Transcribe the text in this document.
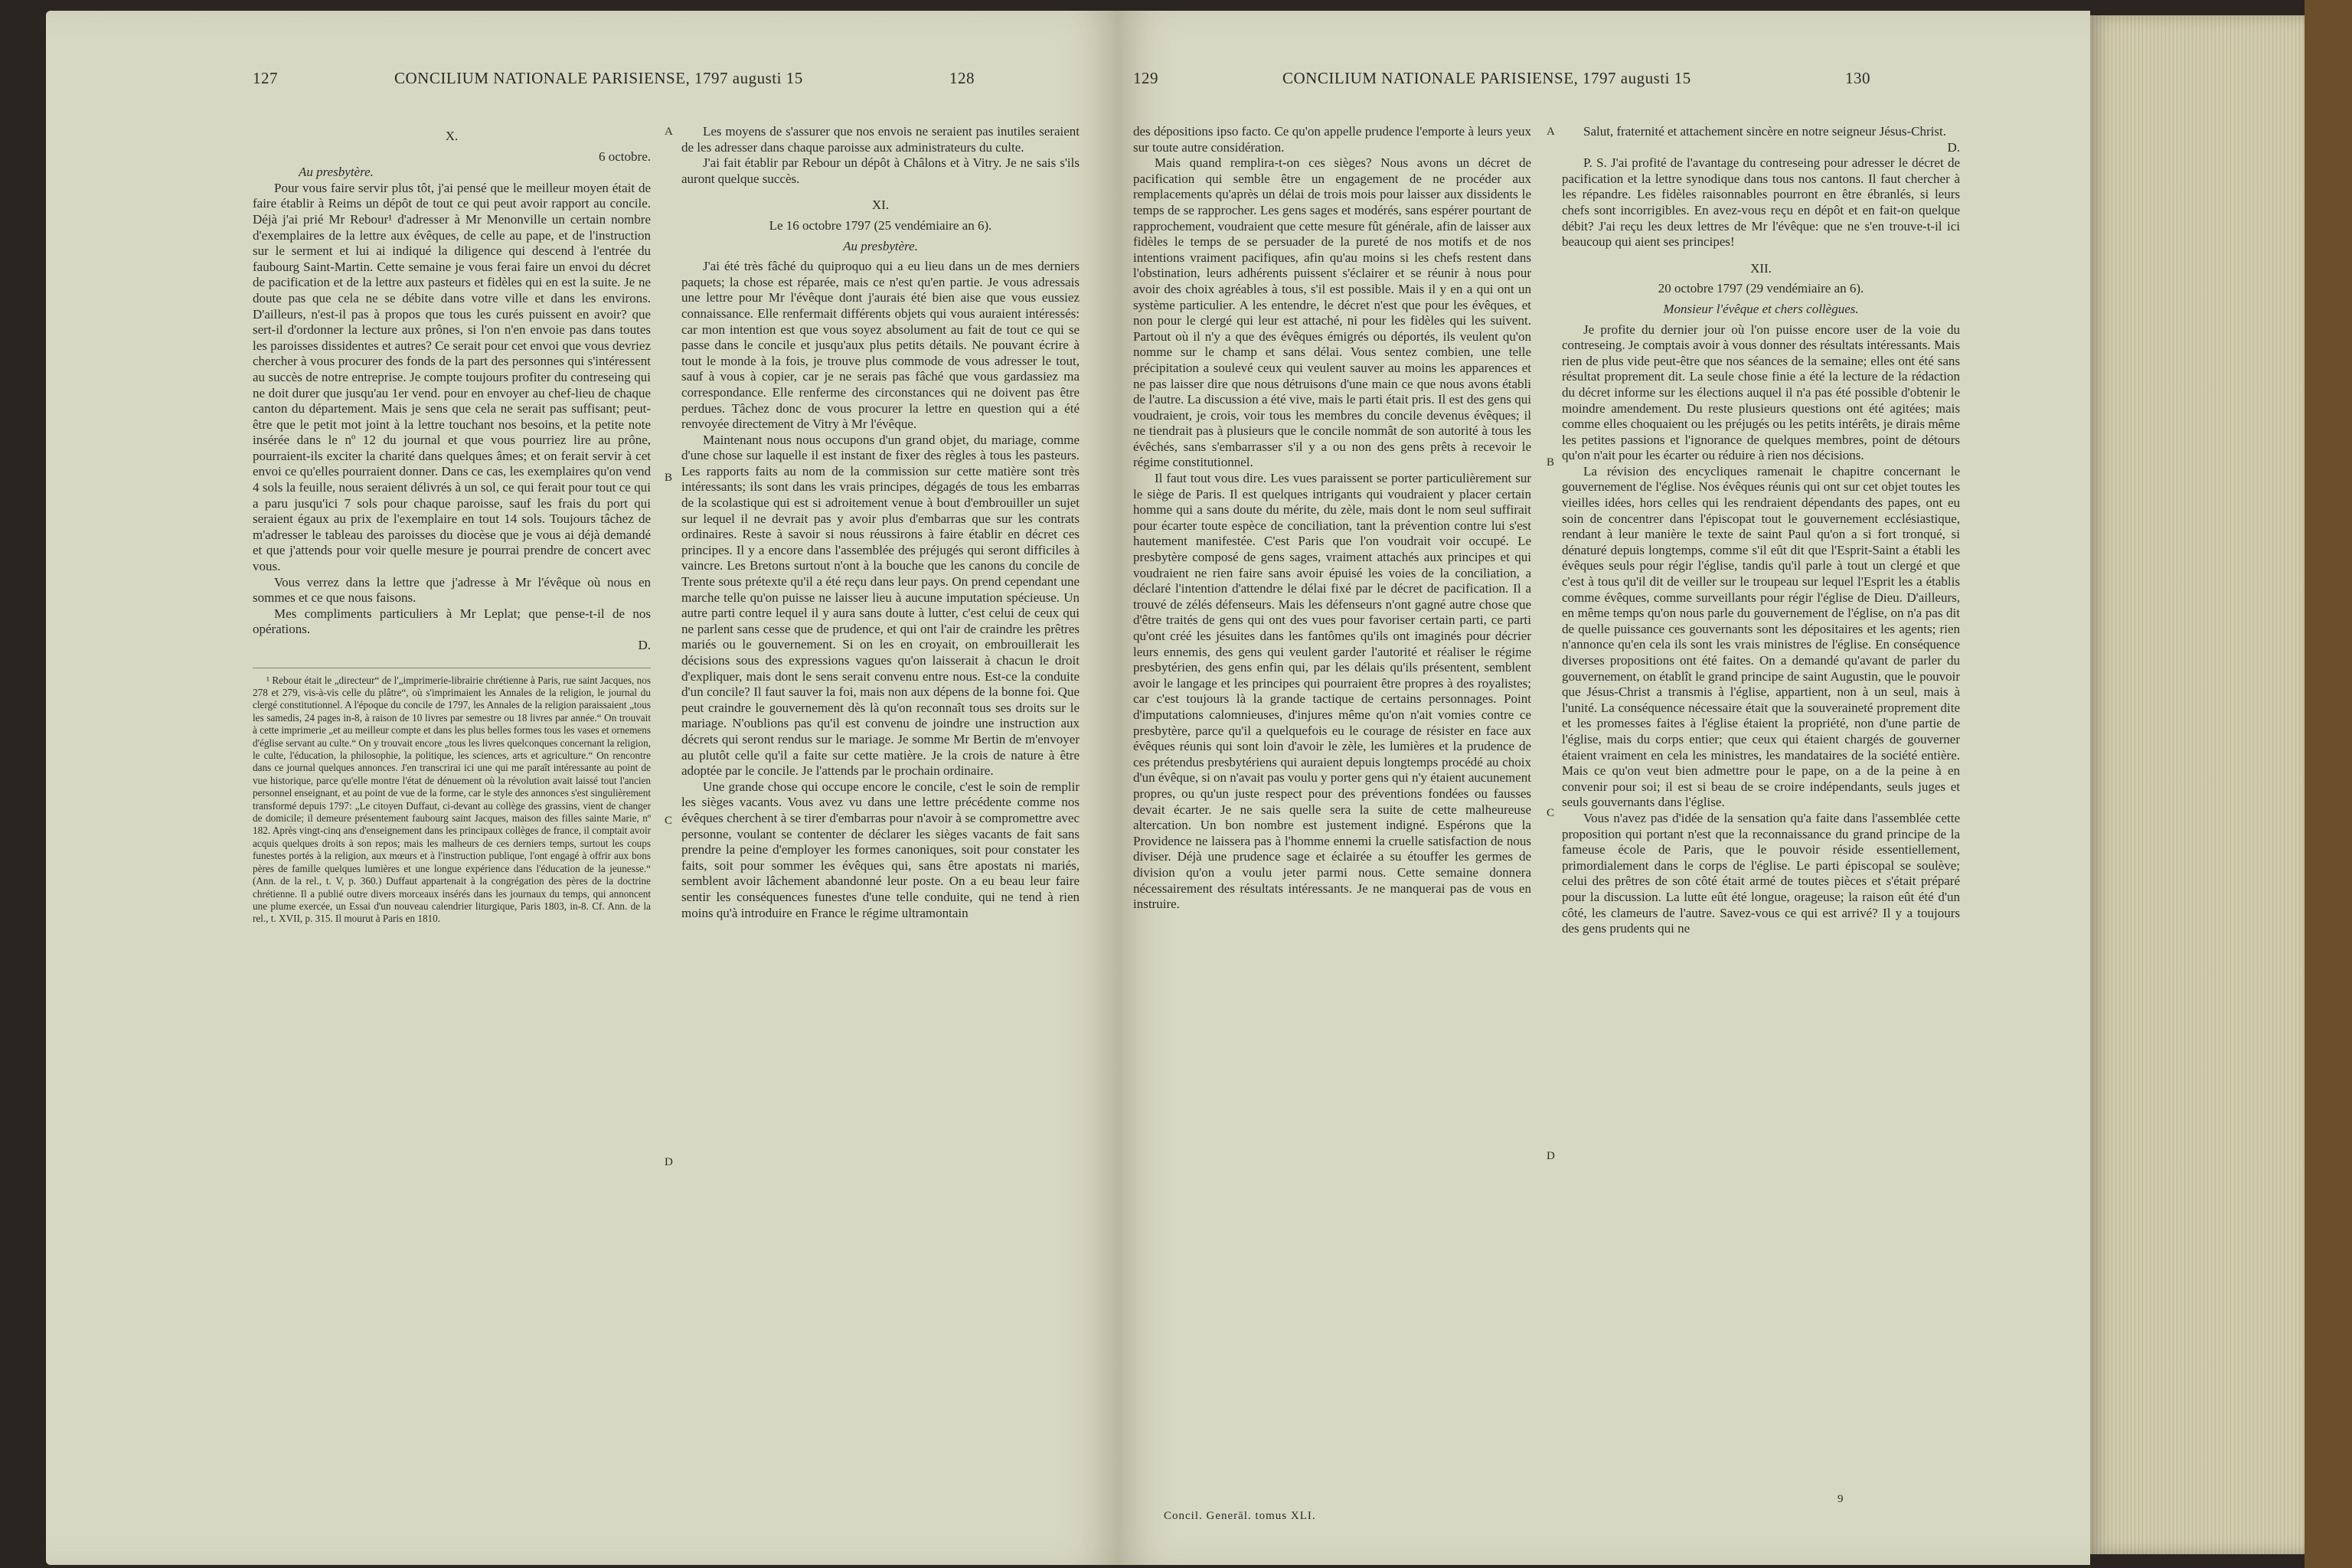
127	CONCILIUM NATIONALE PARISIENSE, 1797 augusti 15	128

X.

6 octobre.

Au presbytère.

Pour vous faire servir plus tôt, j'ai pensé que le meilleur moyen était de faire établir à Reims un dépôt de tout ce qui peut avoir rapport au concile. Déjà j'ai prié Mr Rebour¹ d'adresser à Mr Menonville un certain nombre d'exemplaires de la lettre aux évêques, de celle au pape, et de l'instruction sur le serment et lui ai indiqué la diligence qui descend à l'entrée du faubourg Saint-Martin. Cette semaine je vous ferai faire un envoi du décret de pacification et de la lettre aux pasteurs et fidèles qui en est la suite. Je ne doute pas que cela ne se débite dans votre ville et dans les environs. D'ailleurs, n'est-il pas à propos que tous les curés puissent en avoir? que sert-il d'ordonner la lecture aux prônes, si l'on n'en envoie pas dans toutes les paroisses dissidentes et autres? Ce serait pour cet envoi que vous devriez chercher à vous procurer des fonds de la part des personnes qui s'intéressent au succès de notre entreprise. Je compte toujours profiter du contreseing qui ne doit durer que jusqu'au 1er vend. pour en envoyer au chef-lieu de chaque canton du département. Mais je sens que cela ne serait pas suffisant; peut-être que le petit mot joint à la lettre touchant nos besoins, et la petite note insérée dans le nº 12 du journal et que vous pourriez lire au prône, pourraient-ils exciter la charité dans quelques âmes; et on ferait servir à cet envoi ce qu'elles pourraient donner. Dans ce cas, les exemplaires qu'on vend 4 sols la feuille, nous seraient délivrés à un sol, ce qui ferait pour tout ce qui a paru jusqu'ici 7 sols pour chaque paroisse, sauf les frais du port qui seraient égaux au prix de l'exemplaire en tout 14 sols. Toujours tâchez de m'adresser le tableau des paroisses du diocèse que je vous ai déjà demandé et que j'attends pour voir quelle mesure je pourrai prendre de concert avec vous.

Vous verrez dans la lettre que j'adresse à Mr l'évêque où nous en sommes et ce que nous faisons.

Mes compliments particuliers à Mr Leplat; que pense-t-il de nos opérations.

D.

¹ Rebour était le „directeur“ de l'„imprimerie-librairie chrétienne à Paris, rue saint Jacques, nos 278 et 279, vis-à-vis celle du plâtre“, où s'imprimaient les Annales de la religion, le journal du clergé constitutionnel. A l'époque du concile de 1797, les Annales de la religion paraissaient „tous les samedis, 24 pages in-8, à raison de 10 livres par semestre ou 18 livres par année.“ On trouvait à cette imprimerie „et au meilleur compte et dans les plus belles formes tous les vases et ornemens d'église servant au culte.“ On y trouvait encore „tous les livres quelconques concernant la religion, le culte, l'éducation, la philosophie, la politique, les sciences, arts et agriculture.“ On rencontre dans ce journal quelques annonces. J'en transcrirai ici une qui me paraît intéressante au point de vue historique, parce qu'elle montre l'état de dénuement où la révolution avait laissé tout l'ancien personnel enseignant, et au point de vue de la forme, car le style des annonces s'est singulièrement transformé depuis 1797: „Le citoyen Duffaut, ci-devant au collège des grassins, vient de changer de domicile; il demeure présentement faubourg saint Jacques, maison des filles sainte Marie, nº 182. Après vingt-cinq ans d'enseignement dans les principaux collèges de france, il comptait avoir acquis quelques droits à son repos; mais les malheurs de ces derniers temps, surtout les coups funestes portés à la religion, aux mœurs et à l'instruction publique, l'ont engagé à offrir aux bons pères de famille quelques lumières et une longue expérience dans l'éducation de la jeunesse.“ (Ann. de la rel., t. V, p. 360.) Duffaut appartenait à la congrégation des pères de la doctrine chrétienne. Il a publié outre divers morceaux insérés dans les journaux du temps, qui annoncent une plume exercée, un Essai d'un nouveau calendrier liturgique, Paris 1803, in-8. Cf. Ann. de la rel., t. XVII, p. 315. Il mourut à Paris en 1810.

Les moyens de s'assurer que nos envois ne seraient pas inutiles seraient de les adresser dans chaque paroisse aux administrateurs du culte.

J'ai fait établir par Rebour un dépôt à Châlons et à Vitry. Je ne sais s'ils auront quelque succès.

XI.

Le 16 octobre 1797 (25 vendémiaire an 6).

Au presbytère.

J'ai été très fâché du quiproquo qui a eu lieu dans un de mes derniers paquets; la chose est réparée, mais ce n'est qu'en partie. Je vous adressais une lettre pour Mr l'évêque dont j'aurais été bien aise que vous eussiez connaissance. Elle renfermait différents objets qui vous auraient intéressés: car mon intention est que vous soyez absolument au fait de tout ce qui se passe dans le concile et jusqu'aux plus petits détails. Ne pouvant écrire à tout le monde à la fois, je trouve plus commode de vous adresser le tout, sauf à vous à copier, car je ne serais pas fâché que vous gardassiez ma correspondance. Elle renferme des circonstances qui ne doivent pas être perdues. Tâchez donc de vous procurer la lettre en question qui a été renvoyée directement de Vitry à Mr l'évêque.

Maintenant nous nous occupons d'un grand objet, du mariage, comme d'une chose sur laquelle il est instant de fixer des règles à tous les pasteurs. Les rapports faits au nom de la commission sur cette matière sont très intéressants; ils sont dans les vrais principes, dégagés de tous les embarras de la scolastique qui est si adroitement venue à bout d'embrouiller un sujet sur lequel il ne devrait pas y avoir plus d'embarras que sur les contrats ordinaires. Reste à savoir si nous réussirons à faire établir en décret ces principes. Il y a encore dans l'assemblée des préjugés qui seront difficiles à vaincre. Les Bretons surtout n'ont à la bouche que les canons du concile de Trente sous prétexte qu'il a été reçu dans leur pays. On prend cependant une marche telle qu'on puisse ne laisser lieu à aucune imputation spécieuse. Un autre parti contre lequel il y aura sans doute à lutter, c'est celui de ceux qui ne parlent sans cesse que de prudence, et qui ont l'air de craindre les prêtres mariés ou le gouvernement. Si on les en croyait, on embrouillerait les décisions sous des expressions vagues qu'on laisserait à chacun le droit d'expliquer, mais dont le sens serait convenu entre nous. Est-ce la conduite d'un concile? Il faut sauver la foi, mais non aux dépens de la bonne foi. Que peut craindre le gouvernement dès là qu'on reconnaît tous ses droits sur le mariage. N'oublions pas qu'il est convenu de joindre une instruction aux décrets qui seront rendus sur le mariage. Je somme Mr Bertin de m'envoyer au plutôt celle qu'il a faite sur cette matière. Je la crois de nature à être adoptée par le concile. Je l'attends par le prochain ordinaire.

Une grande chose qui occupe encore le concile, c'est le soin de remplir les sièges vacants. Vous avez vu dans une lettre précédente comme nos évêques cherchent à se tirer d'embarras pour n'avoir à se compromettre avec personne, voulant se contenter de déclarer les sièges vacants de fait sans prendre la peine d'employer les formes canoniques, soit pour constater les faits, soit pour sommer les évêques qui, sans être apostats ni mariés, semblent avoir lâchement abandonné leur poste. On a eu beau leur faire sentir les conséquences funestes d'une telle conduite, qui ne tend à rien moins qu'à introduire en France le régime ultramontain

A
B
C
D
129	CONCILIUM NATIONALE PARISIENSE, 1797 augusti 15	130

des dépositions ipso facto. Ce qu'on appelle prudence l'emporte à leurs yeux sur toute autre considération.

Mais quand remplira-t-on ces sièges? Nous avons un décret de pacification qui semble être un engagement de ne procéder aux remplacements qu'après un délai de trois mois pour laisser aux dissidents le temps de se rapprocher. Les gens sages et modérés, sans espérer pourtant de rapprochement, voudraient que cette mesure fût générale, afin de laisser aux fidèles le temps de se persuader de la pureté de nos motifs et de nos intentions vraiment pacifiques, afin qu'au moins si les chefs restent dans l'obstination, leurs adhérents puissent s'éclairer et se réunir à nous pour avoir des choix agréables à tous, s'il est possible. Mais il y en a qui ont un système particulier. A les entendre, le décret n'est que pour les évêques, et non pour le clergé qui leur est attaché, ni pour les fidèles qui les suivent. Partout où il n'y a que des évêques émigrés ou déportés, ils veulent qu'on nomme sur le champ et sans délai. Vous sentez combien, une telle précipitation a soulevé ceux qui veulent sauver au moins les apparences et ne pas laisser dire que nous détruisons d'une main ce que nous avons établi de l'autre. La discussion a été vive, mais le parti était pris. Il est des gens qui voudraient, je crois, voir tous les membres du concile devenus évêques; il ne tiendrait pas à plusieurs que le concile nommât de son autorité à tous les évêchés, sans s'embarrasser s'il y a ou non des gens prêts à recevoir le régime constitutionnel.

Il faut tout vous dire. Les vues paraissent se porter particulièrement sur le siège de Paris. Il est quelques intrigants qui voudraient y placer certain homme qui a sans doute du mérite, du zèle, mais dont le nom seul suffirait pour écarter toute espèce de conciliation, tant la prévention contre lui s'est hautement manifestée. C'est Paris que l'on voudrait voir occupé. Le presbytère composé de gens sages, vraiment attachés aux principes et qui voudraient ne rien faire sans avoir épuisé les voies de la conciliation, a déclaré l'intention d'attendre le délai fixé par le décret de pacification. Il a trouvé de zélés défenseurs. Mais les défenseurs n'ont gagné autre chose que d'être traités de gens qui ont des vues pour favoriser certain parti, ce parti qu'ont créé les jésuites dans les fantômes qu'ils ont imaginés pour décrier leurs ennemis, des gens qui veulent garder l'autorité et réaliser le régime presbytérien, des gens enfin qui, par les délais qu'ils présentent, semblent avoir le langage et les principes qui pourraient être propres à des royalistes; car c'est toujours là la grande tactique de certains personnages. Point d'imputations calomnieuses, d'injures même qu'on n'ait vomies contre ce presbytère, parce qu'il a quelquefois eu le courage de résister en face aux évêques réunis qui sont loin d'avoir le zèle, les lumières et la prudence de ces prétendus presbytériens qui auraient depuis longtemps procédé au choix d'un évêque, si on n'avait pas voulu y porter gens qui n'y étaient aucunement propres, ou qu'un juste respect pour des préventions fondées ou fausses devait écarter. Je ne sais quelle sera la suite de cette malheureuse altercation. Un bon nombre est justement indigné. Espérons que la Providence ne laissera pas à l'homme ennemi la cruelle satisfaction de nous diviser. Déjà une prudence sage et éclairée a su étouffer les germes de division qu'on a voulu jeter parmi nous. Cette semaine donnera nécessairement des résultats intéressants. Je ne manquerai pas de vous en instruire.

Concil. Generāl. tomus XLI.

Salut, fraternité et attachement sincère en notre seigneur Jésus-Christ.

D.

P. S. J'ai profité de l'avantage du contreseing pour adresser le décret de pacification et la lettre synodique dans tous nos cantons. Il faut chercher à les répandre. Les fidèles raisonnables pourront en être ébranlés, si leurs chefs sont incorrigibles. En avez-vous reçu en dépôt et en fait-on quelque débit? J'ai reçu les deux lettres de Mr l'évêque: que ne s'en trouve-t-il ici beaucoup qui aient ses principes!

XII.

20 octobre 1797 (29 vendémiaire an 6).

Monsieur l'évêque et chers collègues.

Je profite du dernier jour où l'on puisse encore user de la voie du contreseing. Je comptais avoir à vous donner des résultats intéressants. Mais rien de plus vide peut-être que nos séances de la semaine; elles ont été sans résultat proprement dit. La seule chose finie a été la lecture de la rédaction du décret informe sur les élections auquel il n'a pas été possible d'obtenir le moindre amendement. Du reste plusieurs questions ont été agitées; mais comme elles choquaient ou les préjugés ou les petits intérêts, je dirais même les petites passions et l'ignorance de quelques membres, point de détours qu'on n'ait pour les écarter ou réduire à rien nos décisions.

La révision des encycliques ramenait le chapitre concernant le gouvernement de l'église. Nos évêques réunis qui ont sur cet objet toutes les vieilles idées, hors celles qui les rendraient dépendants des papes, ont eu soin de concentrer dans l'épiscopat tout le gouvernement ecclésiastique, rendant à leur manière le texte de saint Paul qu'on a si fort tronqué, si dénaturé depuis longtemps, comme s'il eût dit que l'Esprit-Saint a établi les évêques seuls pour régir l'église, tandis qu'il parle à tout un clergé et que c'est à tous qu'il dit de veiller sur le troupeau sur lequel l'Esprit les a établis comme évêques, comme surveillants pour régir l'église de Dieu. D'ailleurs, en même temps qu'on nous parle du gouvernement de l'église, on n'a pas dit de quelle puissance ces gouvernants sont les dépositaires et les agents; rien n'annonce qu'en cela ils sont les vrais ministres de l'église. En conséquence diverses propositions ont été faites. On a demandé qu'avant de parler du gouvernement, on établît le grand principe de saint Augustin, que le pouvoir que Jésus-Christ a transmis à l'église, appartient, non à un seul, mais à l'unité. La conséquence nécessaire était que la souveraineté proprement dite et les promesses faites à l'église étaient la propriété, non d'une partie de l'église, mais du corps entier; que ceux qui étaient chargés de gouverner étaient vraiment en cela les ministres, les mandataires de la société entière. Mais ce qu'on veut bien admettre pour le pape, on a de la peine à en convenir pour soi; il est si beau de se croire indépendants, seuls juges et seuls gouvernants dans l'église.

Vous n'avez pas d'idée de la sensation qu'a faite dans l'assemblée cette proposition qui portant n'est que la reconnaissance du grand principe de la fameuse école de Paris, que le pouvoir réside essentiellement, primordialement dans le corps de l'église. Le parti épiscopal se soulève; celui des prêtres de son côté était armé de toutes pièces et s'était préparé pour la discussion. La lutte eût été longue, orageuse; la raison eût été d'un côté, les clameurs de l'autre. Savez-vous ce qui est arrivé? Il y a toujours des gens prudents qui ne

9
A
B
C
D
